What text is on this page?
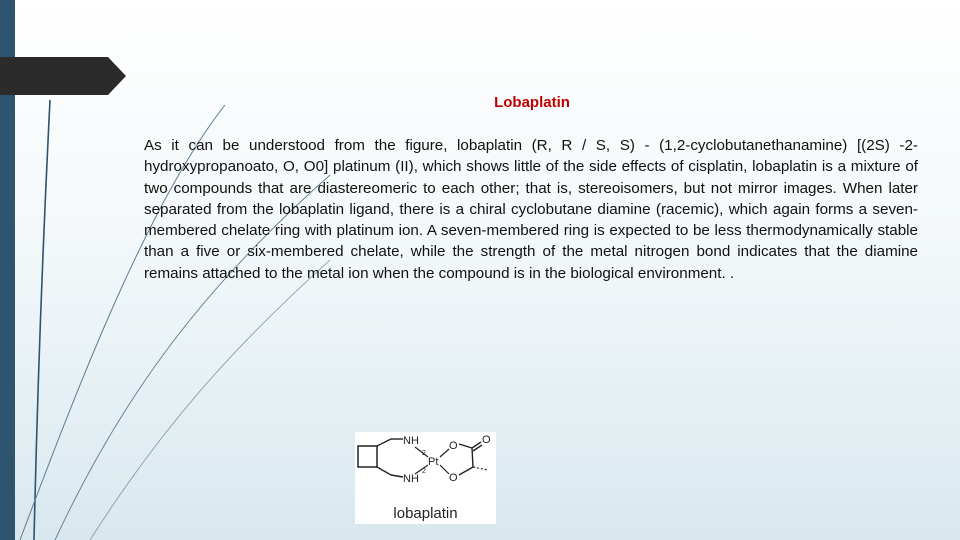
Lobaplatin

As it can be understood from the figure, lobaplatin (R, R / S, S) - (1,2-cyclobutanethanamine) [(2S) -2-hydroxypropanoato, O, O0] platinum (II), which shows little of the side effects of cisplatin, lobaplatin is a mixture of two compounds that are diastereomeric to each other; that is, stereoisomers, but not mirror images. When later separated from the lobaplatin ligand, there is a chiral cyclobutane diamine (racemic), which again forms a seven-membered chelate ring with platinum ion. A seven-membered ring is expected to be less thermodynamically stable than a five or six-membered chelate, while the strength of the metal nitrogen bond indicates that the diamine remains attached to the metal ion when the compound is in the biological environment. .

NH
NH
Pt
O
O
O
2
2
lobaplatin
